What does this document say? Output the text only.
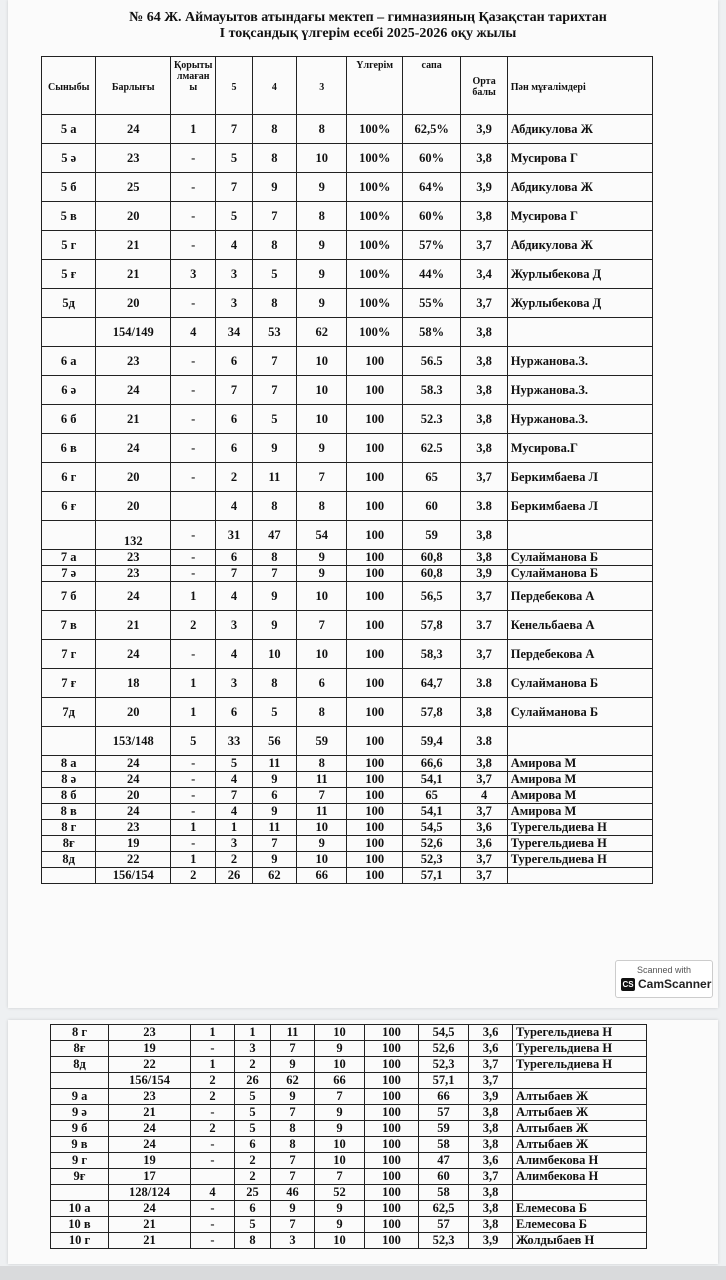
№ 64 Ж. Аймауытов атындағы мектеп – гимназияның Қазақстан тарихтан
І тоқсандық үлгерім есебі 2025-2026 оқу жылы
Сыныбы	Барлығы	Қорытылмағаны	5	4	3	Үлгерім	сапа	Орта балы	Пән мұғалімдері
5 а	24	1	7	8	8	100%	62,5%	3,9	Абдикулова Ж
5 ә	23	-	5	8	10	100%	60%	3,8	Мусирова Г
5 б	25	-	7	9	9	100%	64%	3,9	Абдикулова Ж
5 в	20	-	5	7	8	100%	60%	3,8	Мусирова Г
5 г	21	-	4	8	9	100%	57%	3,7	Абдикулова Ж
5 ғ	21	3	3	5	9	100%	44%	3,4	Журлыбекова Д
5д	20	-	3	8	9	100%	55%	3,7	Журлыбекова Д
	154/149	4	34	53	62	100%	58%	3,8	
6 а	23	-	6	7	10	100	56.5	3,8	Нуржанова.З.
6 ә	24	-	7	7	10	100	58.3	3,8	Нуржанова.З.
6 б	21	-	6	5	10	100	52.3	3,8	Нуржанова.З.
6 в	24	-	6	9	9	100	62.5	3,8	Мусирова.Г
6 г	20	-	2	11	7	100	65	3,7	Беркимбаева Л
6 ғ	20		4	8	8	100	60	3.8	Беркимбаева Л
	132	-	31	47	54	100	59	3,8	
7 а	23	-	6	8	9	100	60,8	3,8	Сулайманова Б
7 ә	23	-	7	7	9	100	60,8	3,9	Сулайманова Б
7 б	24	1	4	9	10	100	56,5	3,7	Пердебекова А
7 в	21	2	3	9	7	100	57,8	3.7	Кенельбаева А
7 г	24	-	4	10	10	100	58,3	3,7	Пердебекова А
7 ғ	18	1	3	8	6	100	64,7	3.8	Сулайманова Б
7д	20	1	6	5	8	100	57,8	3,8	Сулайманова Б
	153/148	5	33	56	59	100	59,4	3.8	
8 а	24	-	5	11	8	100	66,6	3,8	Амирова М
8 ә	24	-	4	9	11	100	54,1	3,7	Амирова М
8 б	20	-	7	6	7	100	65	4	Амирова М
8 в	24	-	4	9	11	100	54,1	3,7	Амирова М
8 г	23	1	1	11	10	100	54,5	3,6	Турегельдиева Н
8ғ	19	-	3	7	9	100	52,6	3,6	Турегельдиева Н
8д	22	1	2	9	10	100	52,3	3,7	Турегельдиева Н
	156/154	2	26	62	66	100	57,1	3,7	
Scanned with
CS CamScanner
8 г	23	1	1	11	10	100	54,5	3,6	Турегельдиева Н
8ғ	19	-	3	7	9	100	52,6	3,6	Турегельдиева Н
8д	22	1	2	9	10	100	52,3	3,7	Турегельдиева Н
	156/154	2	26	62	66	100	57,1	3,7	
9 а	23	2	5	9	7	100	66	3,9	Алтыбаев Ж
9 ә	21	-	5	7	9	100	57	3,8	Алтыбаев Ж
9 б	24	2	5	8	9	100	59	3,8	Алтыбаев Ж
9 в	24	-	6	8	10	100	58	3,8	Алтыбаев Ж
9 г	19	-	2	7	10	100	47	3,6	Алимбекова Н
9ғ	17		2	7	7	100	60	3,7	Алимбекова Н
	128/124	4	25	46	52	100	58	3,8	
10 а	24	-	6	9	9	100	62,5	3,8	Елемесова Б
10 в	21	-	5	7	9	100	57	3,8	Елемесова Б
10 г	21	-	8	3	10	100	52,3	3,9	Жолдыбаев Н
